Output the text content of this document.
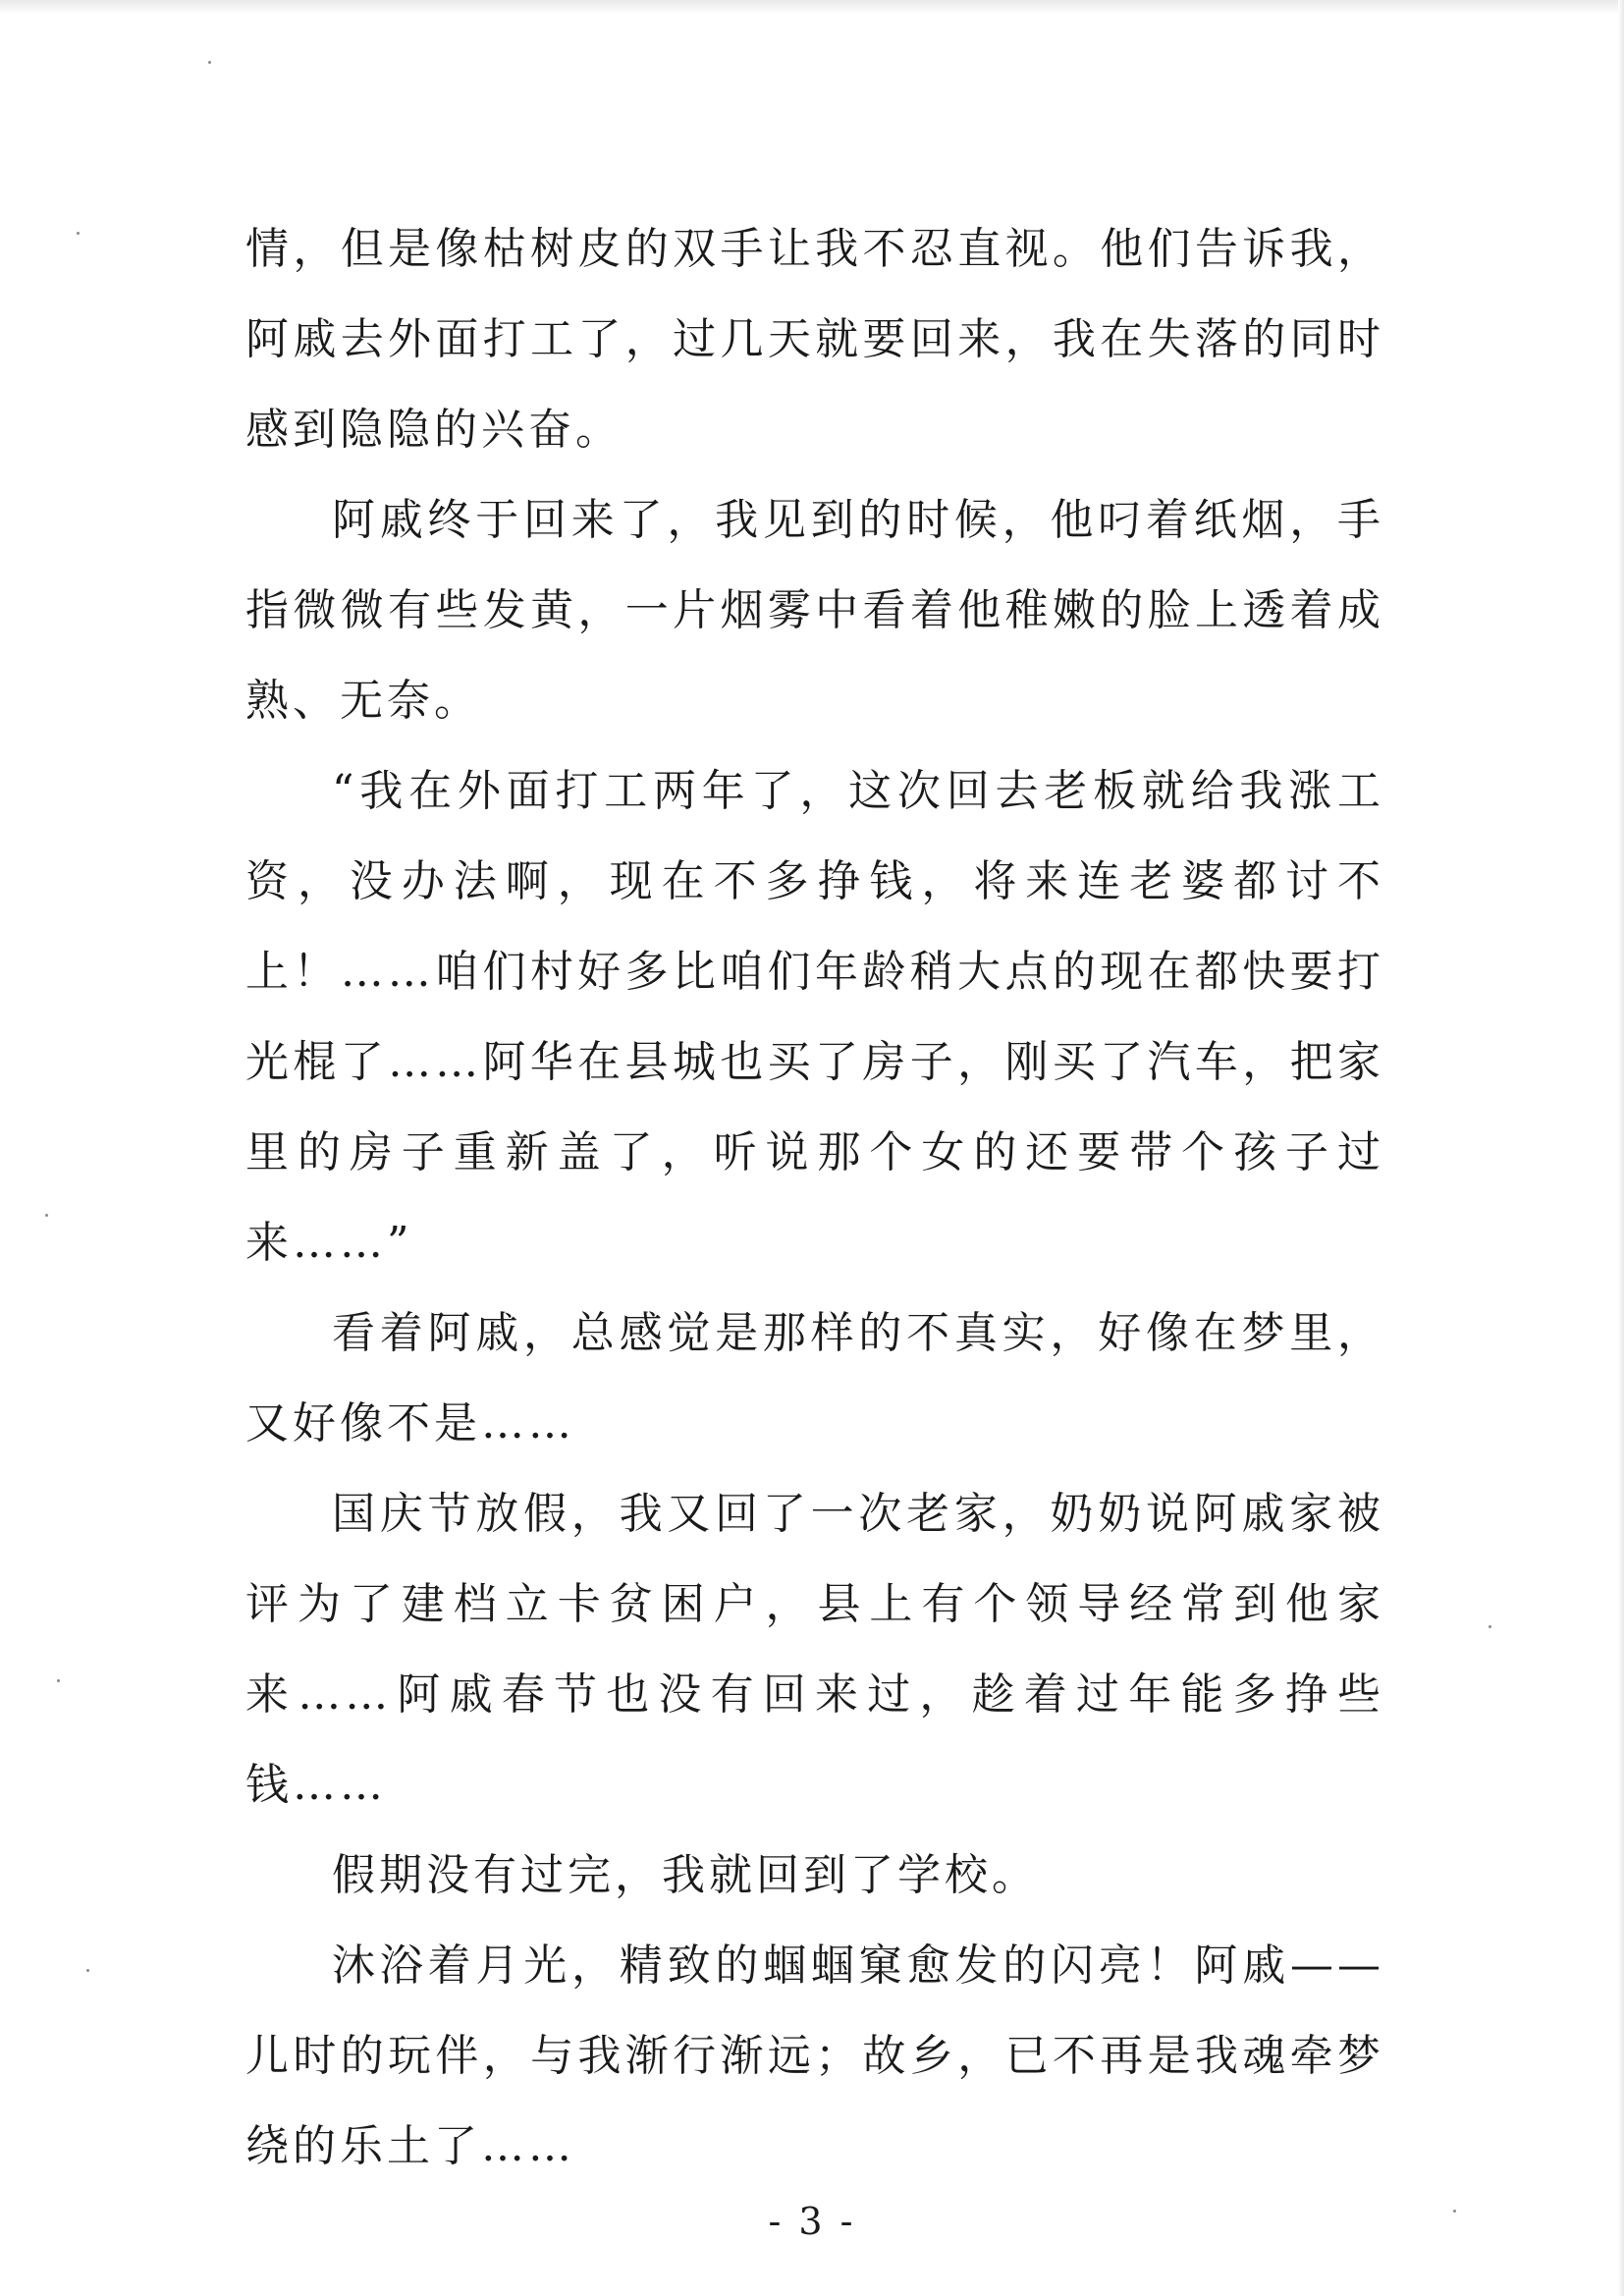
情，但是像枯树皮的双手让我不忍直视。他们告诉我，阿戚去外面打工了，过几天就要回来，我在失落的同时感到隐隐的兴奋。

阿戚终于回来了，我见到的时候，他叼着纸烟，手指微微有些发黄，一片烟雾中看着他稚嫩的脸上透着成熟、无奈。

“我在外面打工两年了，这次回去老板就给我涨工资，没办法啊，现在不多挣钱，将来连老婆都讨不上！……咱们村好多比咱们年龄稍大点的现在都快要打光棍了……阿华在县城也买了房子，刚买了汽车，把家里的房子重新盖了，听说那个女的还要带个孩子过来……”

看着阿戚，总感觉是那样的不真实，好像在梦里，又好像不是……

国庆节放假，我又回了一次老家，奶奶说阿戚家被评为了建档立卡贫困户，县上有个领导经常到他家来……阿戚春节也没有回来过，趁着过年能多挣些钱……

假期没有过完，我就回到了学校。

沐浴着月光，精致的蝈蝈窠愈发的闪亮！阿戚——儿时的玩伴，与我渐行渐远；故乡，已不再是我魂牵梦绕的乐土了……

- 3 -
